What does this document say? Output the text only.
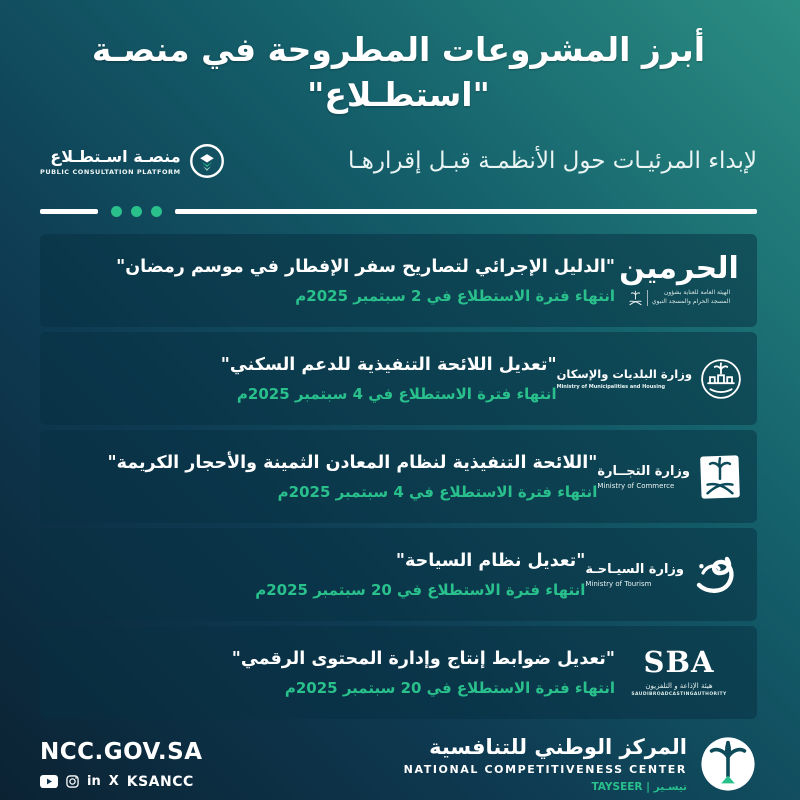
أبرز المشروعات المطروحة في منصـة "استطـلاع"
منصـة اسـتطـلاع
PUBLIC CONSULTATION PLATFORM	لإبداء المرئيـات حول الأنظمـة قبـل إقرارهـا
الحرمين
الهيئة العامة للعناية بشؤون
المسجد الحرام والمسجد النبوي
"الدليل الإجرائي لتصاريح سفر الإفطار في موسم رمضان"
انتهاء فترة الاستطلاع في 2 سبتمبر 2025م
وزارة البلديات والإسكان
Ministry of Municipalities and Housing
"تعديل اللائحة التنفيذية للدعم السكني"
انتهاء فترة الاستطلاع في 4 سبتمبر 2025م
وزارة التجــارة
Ministry of Commerce
"اللائحة التنفيذية لنظام المعادن الثمينة والأحجار الكريمة"
انتهاء فترة الاستطلاع في 4 سبتمبر 2025م
وزارة السيـاحـة
Ministry of Tourism
"تعديل نظام السياحة"
انتهاء فترة الاستطلاع في 20 سبتمبر 2025م
SBA
هيئة الإذاعة و التلفزيون
SAUDIBROADCASTINGAUTHORITY
"تعديل ضوابط إنتاج وإدارة المحتوى الرقمي"
انتهاء فترة الاستطلاع في 20 سبتمبر 2025م
NCC.GOV.SA
in X KSANCC
المركز الوطني للتنافسية
NATIONAL COMPETITIVENESS CENTER
تيسـير | TAYSEER
